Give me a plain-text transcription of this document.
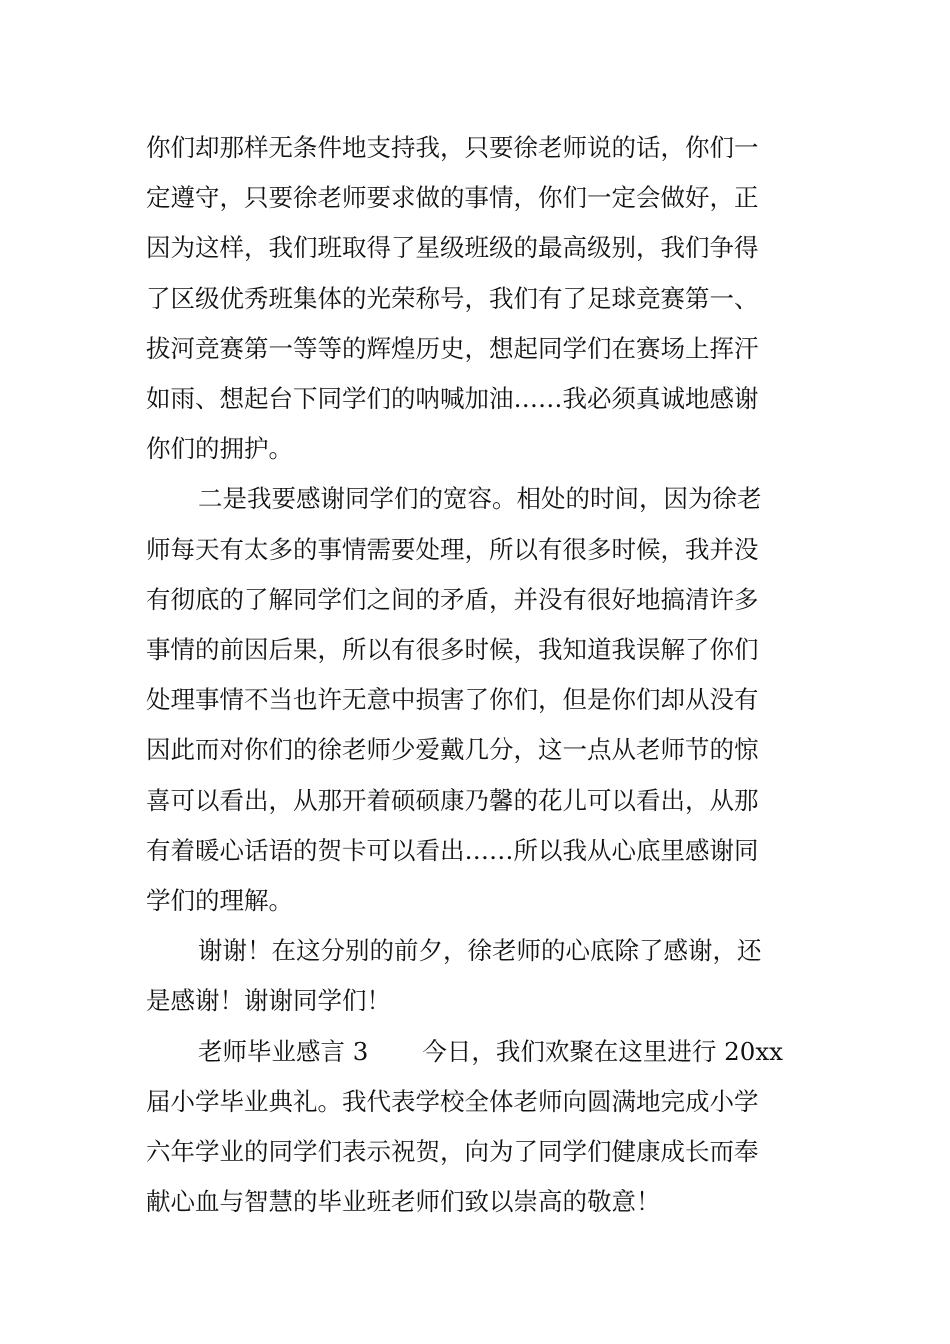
你们却那样无条件地支持我，只要徐老师说的话，你们一
定遵守，只要徐老师要求做的事情，你们一定会做好，正
因为这样，我们班取得了星级班级的最高级别，我们争得
了区级优秀班集体的光荣称号，我们有了足球竞赛第一、
拔河竞赛第一等等的辉煌历史，想起同学们在赛场上挥汗
如雨、想起台下同学们的呐喊加油……我必须真诚地感谢
你们的拥护。
二是我要感谢同学们的宽容。相处的时间，因为徐老
师每天有太多的事情需要处理，所以有很多时候，我并没
有彻底的了解同学们之间的矛盾，并没有很好地搞清许多
事情的前因后果，所以有很多时候，我知道我误解了你们
处理事情不当也许无意中损害了你们，但是你们却从没有
因此而对你们的徐老师少爱戴几分，这一点从老师节的惊
喜可以看出，从那开着硕硕康乃馨的花儿可以看出，从那
有着暖心话语的贺卡可以看出……所以我从心底里感谢同
学们的理解。
谢谢！在这分别的前夕，徐老师的心底除了感谢，还
是感谢！谢谢同学们！
老师毕业感言 3 今日，我们欢聚在这里进行 20xx
届小学毕业典礼。我代表学校全体老师向圆满地完成小学
六年学业的同学们表示祝贺，向为了同学们健康成长而奉
献心血与智慧的毕业班老师们致以崇高的敬意！
